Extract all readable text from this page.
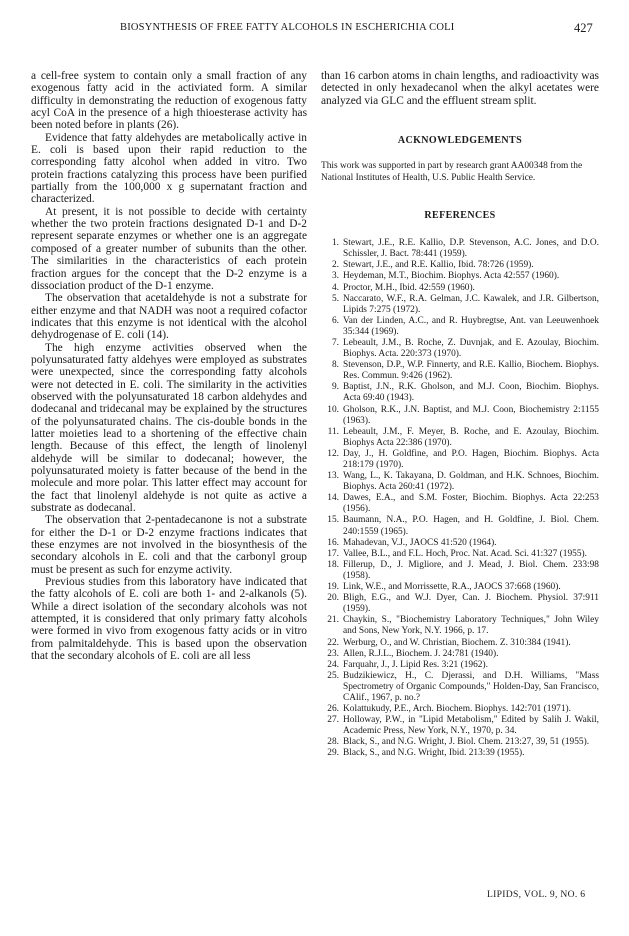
BIOSYNTHESIS OF FREE FATTY ALCOHOLS IN ESCHERICHIA COLI	427

a cell-free system to contain only a small fraction of any exogenous fatty acid in the activiated form. A similar difficulty in demonstrating the reduction of exogenous fatty acyl CoA in the presence of a high thioesterase activity has been noted before in plants (26).

Evidence that fatty aldehydes are metabolically active in E. coli is based upon their rapid reduction to the corresponding fatty alcohol when added in vitro. Two protein fractions catalyzing this process have been purified partially from the 100,000 x g supernatant fraction and characterized.

At present, it is not possible to decide with certainty whether the two protein fractions designated D-1 and D-2 represent separate enzymes or whether one is an aggregate composed of a greater number of subunits than the other. The similarities in the characteristics of each protein fraction argues for the concept that the D-2 enzyme is a dissociation product of the D-1 enzyme.

The observation that acetaldehyde is not a substrate for either enzyme and that NADH was noot a required cofactor indicates that this enzyme is not identical with the alcohol dehydrogenase of E. coli (14).

The high enzyme activities observed when the polyunsaturated fatty aldehyes were employed as substrates were unexpected, since the corresponding fatty alcohols were not detected in E. coli. The similarity in the activities observed with the polyunsaturated 18 carbon aldehydes and dodecanal and tridecanal may be explained by the structures of the polyunsaturated chains. The cis-double bonds in the latter moieties lead to a shortening of the effective chain length. Because of this effect, the length of linolenyl aldehyde will be similar to dodecanal; however, the polyunsaturated moiety is fatter because of the bend in the molecule and more polar. This latter effect may account for the fact that linolenyl aldehyde is not quite as active a substrate as dodecanal.

The observation that 2-pentadecanone is not a substrate for either the D-1 or D-2 enzyme fractions indicates that these enzymes are not involved in the biosynthesis of the secondary alcohols in E. coli and that the carbonyl group must be present as such for enzyme activity.

Previous studies from this laboratory have indicated that the fatty alcohols of E. coli are both 1- and 2-alkanols (5). While a direct isolation of the secondary alcohols was not attempted, it is considered that only primary fatty alcohols were formed in vivo from exogenous fatty acids or in vitro from palmitaldehyde. This is based upon the observation that the secondary alcohols of E. coli are all less

than 16 carbon atoms in chain lengths, and radioactivity was detected in only hexadecanol when the alkyl acetates were analyzed via GLC and the effluent stream split.

ACKNOWLEDGEMENTS

This work was supported in part by research grant AA00348 from the National Institutes of Health, U.S. Public Health Service.

REFERENCES
1. Stewart, J.E., R.E. Kallio, D.P. Stevenson, A.C. Jones, and D.O. Schissler, J. Bact. 78:441 (1959).
2. Stewart, J.E., and R.E. Kallio, Ibid. 78:726 (1959).
3. Heydeman, M.T., Biochim. Biophys. Acta 42:557 (1960).
4. Proctor, M.H., Ibid. 42:559 (1960).
5. Naccarato, W.F., R.A. Gelman, J.C. Kawalek, and J.R. Gilbertson, Lipids 7:275 (1972).
6. Van der Linden, A.C., and R. Huybregtse, Ant. van Leeuwenhoek 35:344 (1969).
7. Lebeault, J.M., B. Roche, Z. Duvnjak, and E. Azoulay, Biochim. Biophys. Acta. 220:373 (1970).
8. Stevenson, D.P., W.P. Finnerty, and R.E. Kallio, Biochem. Biophys. Res. Commun. 9:426 (1962).
9. Baptist, J.N., R.K. Gholson, and M.J. Coon, Biochim. Biophys. Acta 69:40 (1943).
10. Gholson, R.K., J.N. Baptist, and M.J. Coon, Biochemistry 2:1155 (1963).
11. Lebeault, J.M., F. Meyer, B. Roche, and E. Azoulay, Biochim. Biophys Acta 22:386 (1970).
12. Day, J., H. Goldfine, and P.O. Hagen, Biochim. Biophys. Acta 218:179 (1970).
13. Wang, L., K. Takayana, D. Goldman, and H.K. Schnoes, Biochim. Biophys. Acta 260:41 (1972).
14. Dawes, E.A., and S.M. Foster, Biochim. Biophys. Acta 22:253 (1956).
15. Baumann, N.A., P.O. Hagen, and H. Goldfine, J. Biol. Chem. 240:1559 (1965).
16. Mahadevan, V.J., JAOCS 41:520 (1964).
17. Vallee, B.L., and F.L. Hoch, Proc. Nat. Acad. Sci. 41:327 (1955).
18. Fillerup, D., J. Migliore, and J. Mead, J. Biol. Chem. 233:98 (1958).
19. Link, W.E., and Morrissette, R.A., JAOCS 37:668 (1960).
20. Bligh, E.G., and W.J. Dyer, Can. J. Biochem. Physiol. 37:911 (1959).
21. Chaykin, S., "Biochemistry Laboratory Techniques," John Wiley and Sons, New York, N.Y. 1966, p. 17.
22. Werburg, O., and W. Christian, Biochem. Z. 310:384 (1941).
23. Allen, R.J.L., Biochem. J. 24:781 (1940).
24. Farquahr, J., J. Lipid Res. 3:21 (1962).
25. Budzikiewicz, H., C. Djerassi, and D.H. Williams, "Mass Spectrometry of Organic Compounds," Holden-Day, San Francisco, CAlif., 1967, p. no.?
26. Kolattukudy, P.E., Arch. Biochem. Biophys. 142:701 (1971).
27. Holloway, P.W., in "Lipid Metabolism," Edited by Salih J. Wakil, Academic Press, New York, N.Y., 1970, p. 34.
28. Black, S., and N.G. Wright, J. Biol. Chem. 213:27, 39, 51 (1955).
29. Black, S., and N.G. Wright, Ibid. 213:39 (1955).
LIPIDS, VOL. 9, NO. 6
